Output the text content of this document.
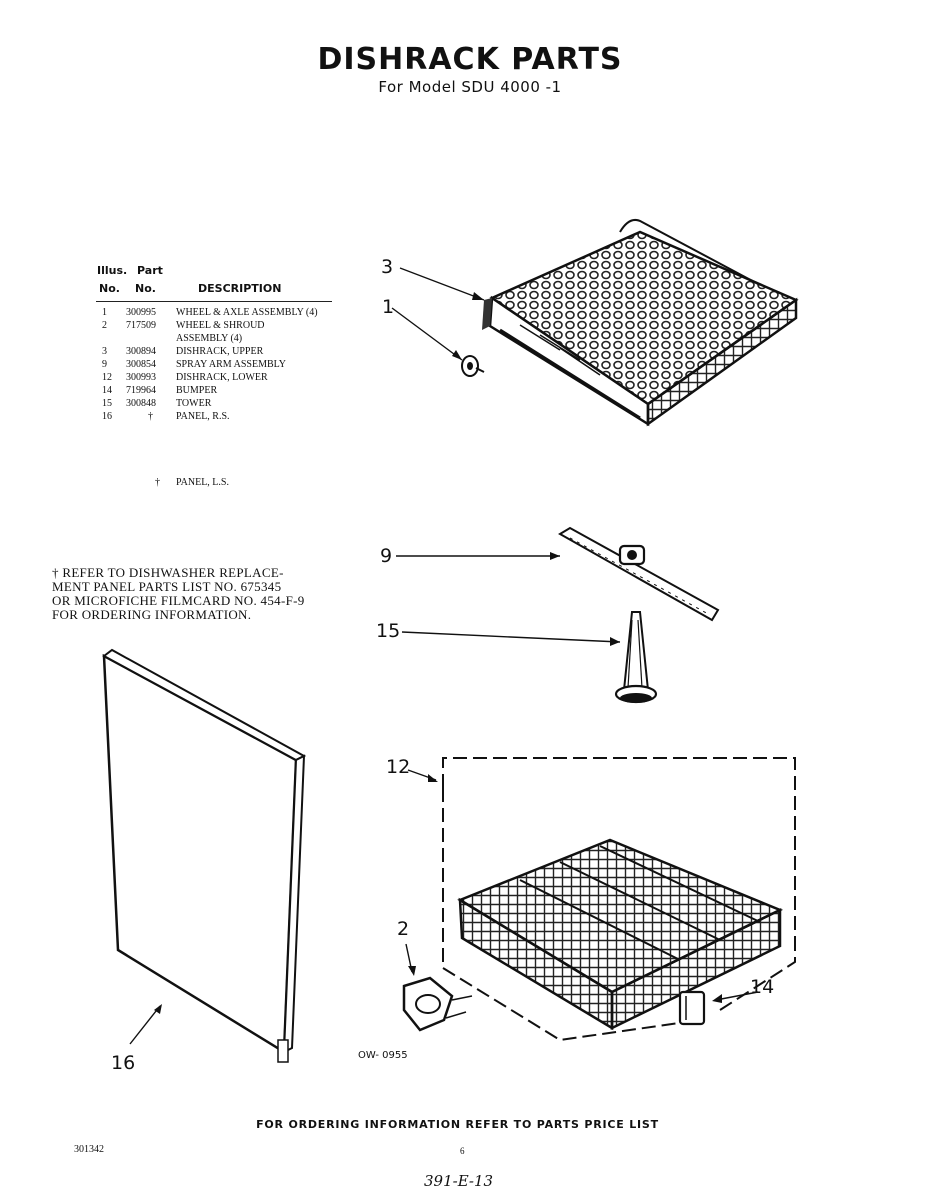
DISHRACK PARTS
For Model SDU 4000 -1
Illus. Part
No. No.	DESCRIPTION
1 300995 WHEEL & AXLE ASSEMBLY (4)
2 717509 WHEEL & SHROUD
ASSEMBLY (4)
3 300894 DISHRACK, UPPER
9 300854 SPRAY ARM ASSEMBLY
12 300993 DISHRACK, LOWER
14 719964 BUMPER
15 300848 TOWER
16	† PANEL, R.S.
† PANEL, L.S.
† REFER TO DISHWASHER REPLACE-
MENT PANEL PARTS LIST NO. 675345
OR MICROFICHE FILMCARD NO. 454-F-9
FOR ORDERING INFORMATION.
3
1
9
15
12
2
14
16	OW- 0955
FOR ORDERING INFORMATION REFER TO PARTS PRICE LIST
301342	6
391-E-13
